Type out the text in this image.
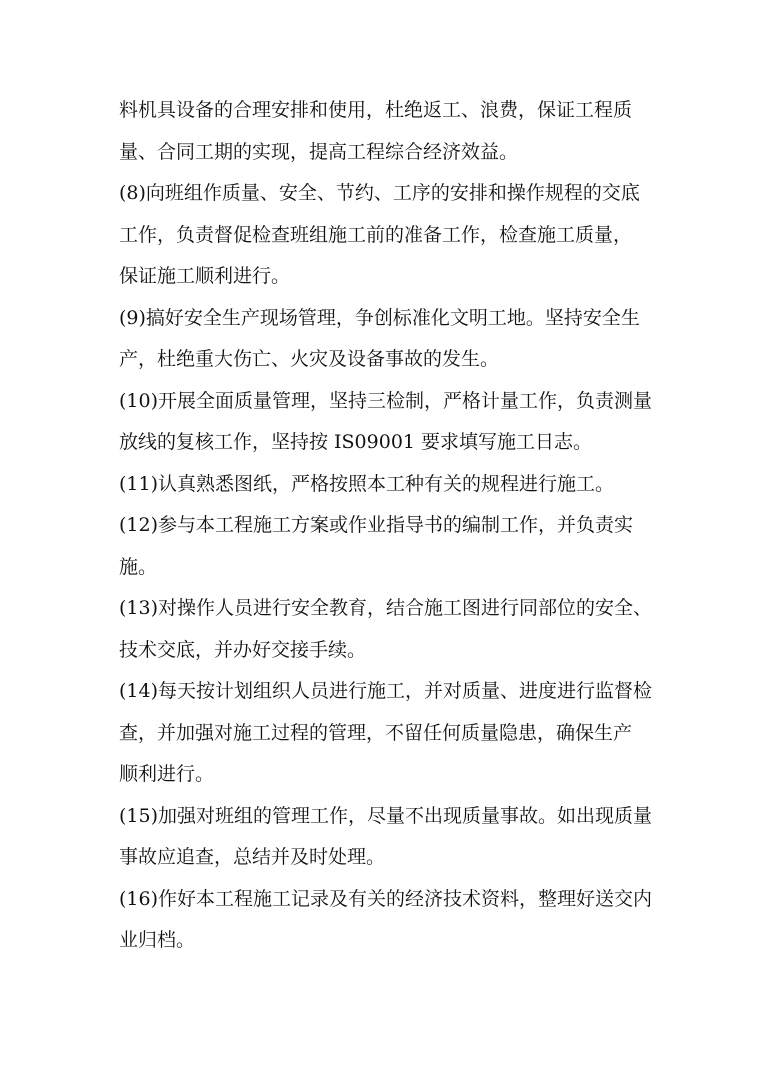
料机具设备的合理安排和使用，杜绝返工、浪费，保证工程质
量、合同工期的实现，提高工程综合经济效益。
(8)向班组作质量、安全、节约、工序的安排和操作规程的交底
工作，负责督促检查班组施工前的准备工作，检查施工质量，
保证施工顺利进行。
(9)搞好安全生产现场管理，争创标准化文明工地。坚持安全生
产，杜绝重大伤亡、火灾及设备事故的发生。
(10)开展全面质量管理，坚持三检制，严格计量工作，负责测量
放线的复核工作，坚持按 IS09001 要求填写施工日志。
(11)认真熟悉图纸，严格按照本工种有关的规程进行施工。
(12)参与本工程施工方案或作业指导书的编制工作，并负责实
施。
(13)对操作人员进行安全教育，结合施工图进行同部位的安全、
技术交底，并办好交接手续。
(14)每天按计划组织人员进行施工，并对质量、进度进行监督检
查，并加强对施工过程的管理，不留任何质量隐患，确保生产
顺利进行。
(15)加强对班组的管理工作，尽量不出现质量事故。如出现质量
事故应追查，总结并及时处理。
(16)作好本工程施工记录及有关的经济技术资料，整理好送交内
业归档。
